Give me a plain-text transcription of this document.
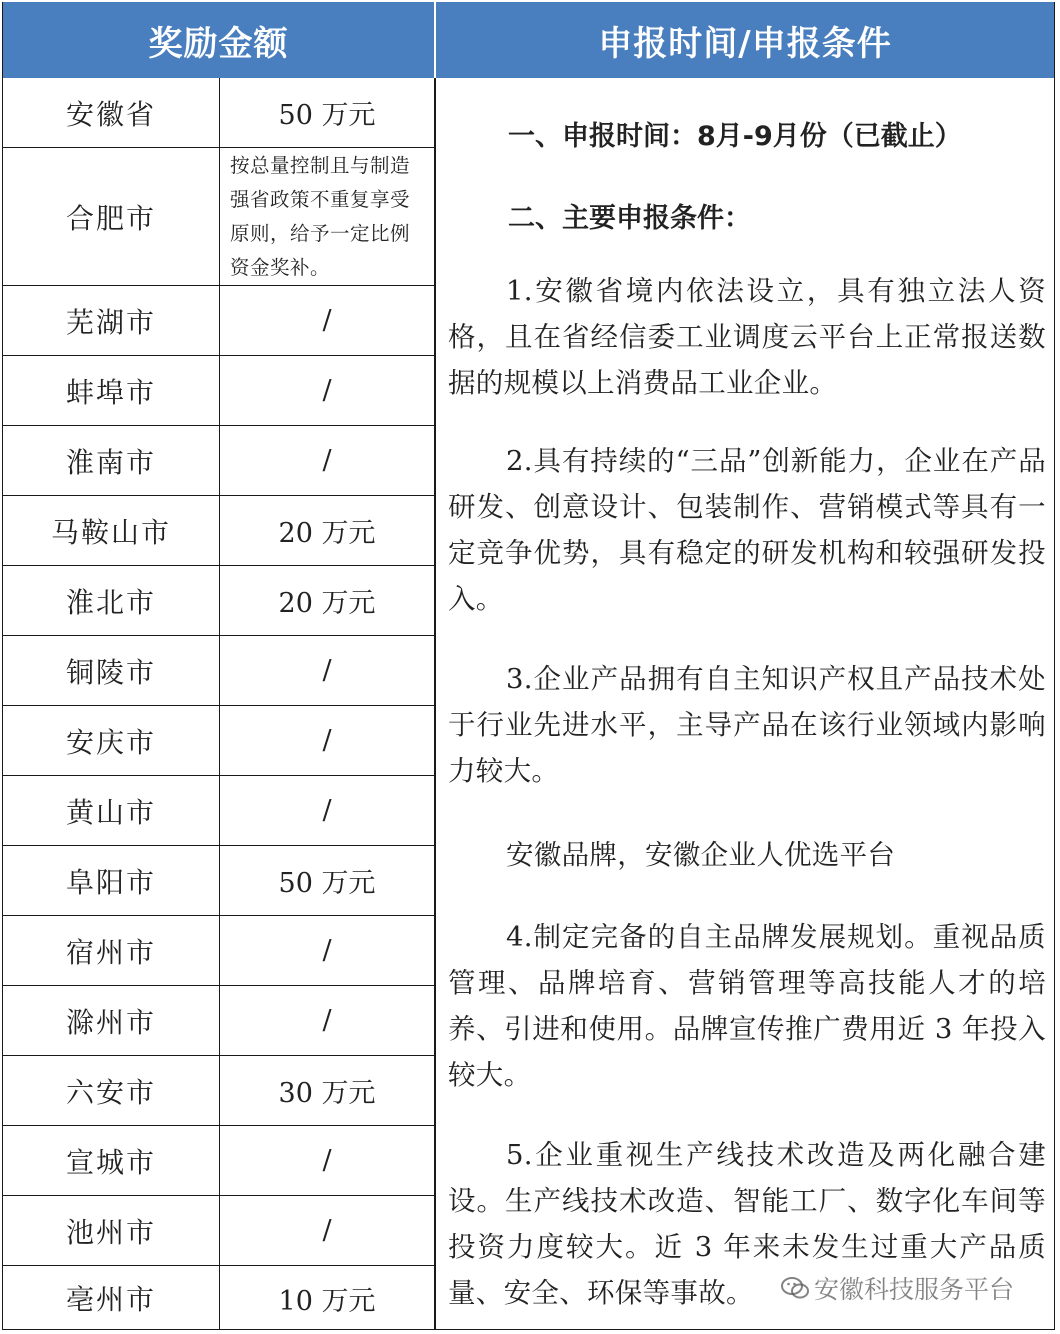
奖励金额	申报时间/申报条件
安徽省	50 万元
合肥市
按总量控制且与制造强省政策不重复享受原则，给予一定比例资金奖补。
芜湖市	/
蚌埠市	/
淮南市	/
马鞍山市	20 万元
淮北市	20 万元
铜陵市	/
安庆市	/
黄山市	/
阜阳市	50 万元
宿州市	/
滁州市	/
六安市	30 万元
宣城市	/
池州市	/
亳州市	10 万元
一、申报时间：8月-9月份（已截止）
二、主要申报条件：
1.安徽省境内依法设立，具有独立法人资格，且在省经信委工业调度云平台上正常报送数据的规模以上消费品工业企业。
2.具有持续的“三品”创新能力，企业在产品研发、创意设计、包装制作、营销模式等具有一定竞争优势，具有稳定的研发机构和较强研发投入。
3.企业产品拥有自主知识产权且产品技术处于行业先进水平，主导产品在该行业领域内影响力较大。
安徽品牌，安徽企业人优选平台
4.制定完备的自主品牌发展规划。重视品质管理、品牌培育、营销管理等高技能人才的培养、引进和使用。品牌宣传推广费用近 3 年投入较大。
5.企业重视生产线技术改造及两化融合建设。生产线技术改造、智能工厂、数字化车间等投资力度较大。近 3 年来未发生过重大产品质量、安全、环保等事故。	安徽科技服务平台
